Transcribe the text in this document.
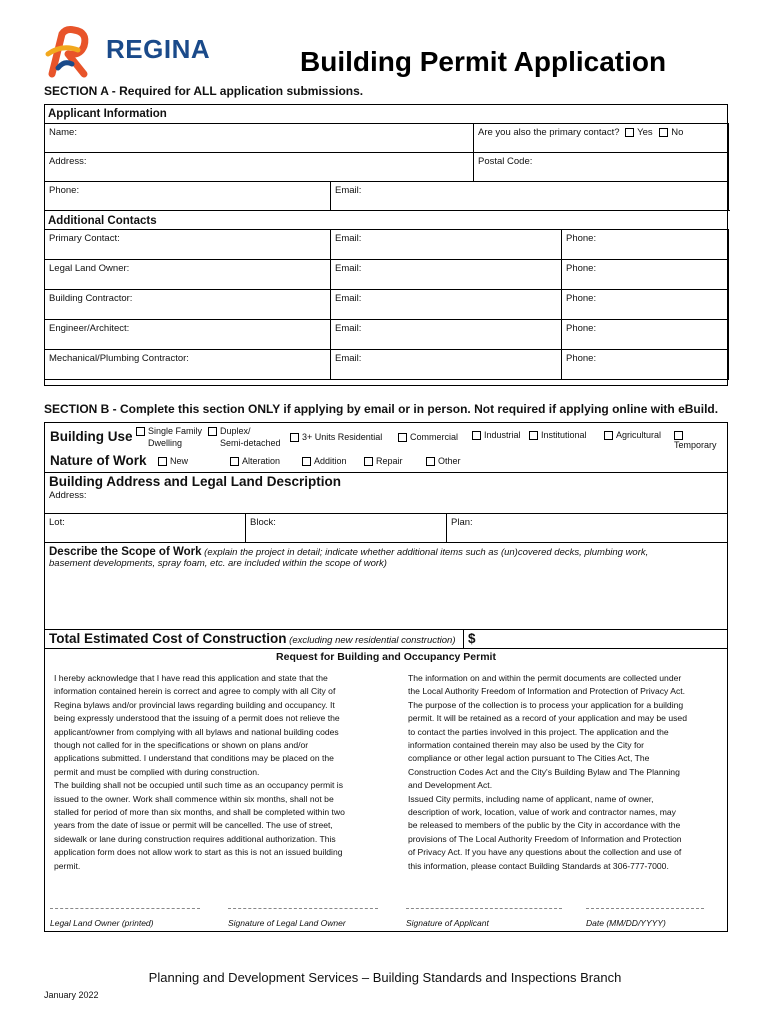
REGINA	Building Permit Application
SECTION A - Required for ALL application submissions.
Applicant Information
Name:	Are you also the primary contact? Yes No
Address:	Postal Code:
Phone:	Email:
Additional Contacts
Primary Contact:	Email:	Phone:
Legal Land Owner:	Email:	Phone:
Building Contractor:	Email:	Phone:
Engineer/Architect:	Email:	Phone:
Mechanical/Plumbing Contractor:	Email:	Phone:
SECTION B - Complete this section ONLY if applying by email or in person. Not required if applying online with eBuild.
Building Use	Single Family
Dwelling
Duplex/
Semi-detached
3+ Units Residential	Commercial	Industrial	Institutional	Agricultural
Temporary
Nature of Work	New	Alteration	Addition	Repair	Other
Building Address and Legal Land Description
Address:
Lot:	Block:	Plan:
Describe the Scope of Work (explain the project in detail; indicate whether additional items such as (un)covered decks, plumbing work,
basement developments, spray foam, etc. are included within the scope of work)
Total Estimated Cost of Construction (excluding new residential construction) $
Request for Building and Occupancy Permit
I hereby acknowledge that I have read this application and state that the
information contained herein is correct and agree to comply with all City of
Regina bylaws and/or provincial laws regarding building and occupancy. It
being expressly understood that the issuing of a permit does not relieve the
applicant/owner from complying with all bylaws and national building codes
though not called for in the specifications or shown on plans and/or
applications submitted. I understand that conditions may be placed on the
permit and must be complied with during construction.
The building shall not be occupied until such time as an occupancy permit is
issued to the owner. Work shall commence within six months, shall not be
stalled for period of more than six months, and shall be completed within two
years from the date of issue or permit will be cancelled. The use of street,
sidewalk or lane during construction requires additional authorization. This
application form does not allow work to start as this is not an issued building
permit.
The information on and within the permit documents are collected under
the Local Authority Freedom of Information and Protection of Privacy Act.
The purpose of the collection is to process your application for a building
permit. It will be retained as a record of your application and may be used
to contact the parties involved in this project. The application and the
information contained therein may also be used by the City for
compliance or other legal action pursuant to The Cities Act, The
Construction Codes Act and the City's Building Bylaw and The Planning
and Development Act.
Issued City permits, including name of applicant, name of owner,
description of work, location, value of work and contractor names, may
be released to members of the public by the City in accordance with the
provisions of The Local Authority Freedom of Information and Protection
of Privacy Act. If you have any questions about the collection and use of
this information, please contact Building Standards at 306-777-7000.
Legal Land Owner (printed)	Signature of Legal Land Owner	Signature of Applicant	Date (MM/DD/YYYY)
Planning and Development Services – Building Standards and Inspections Branch
January 2022
